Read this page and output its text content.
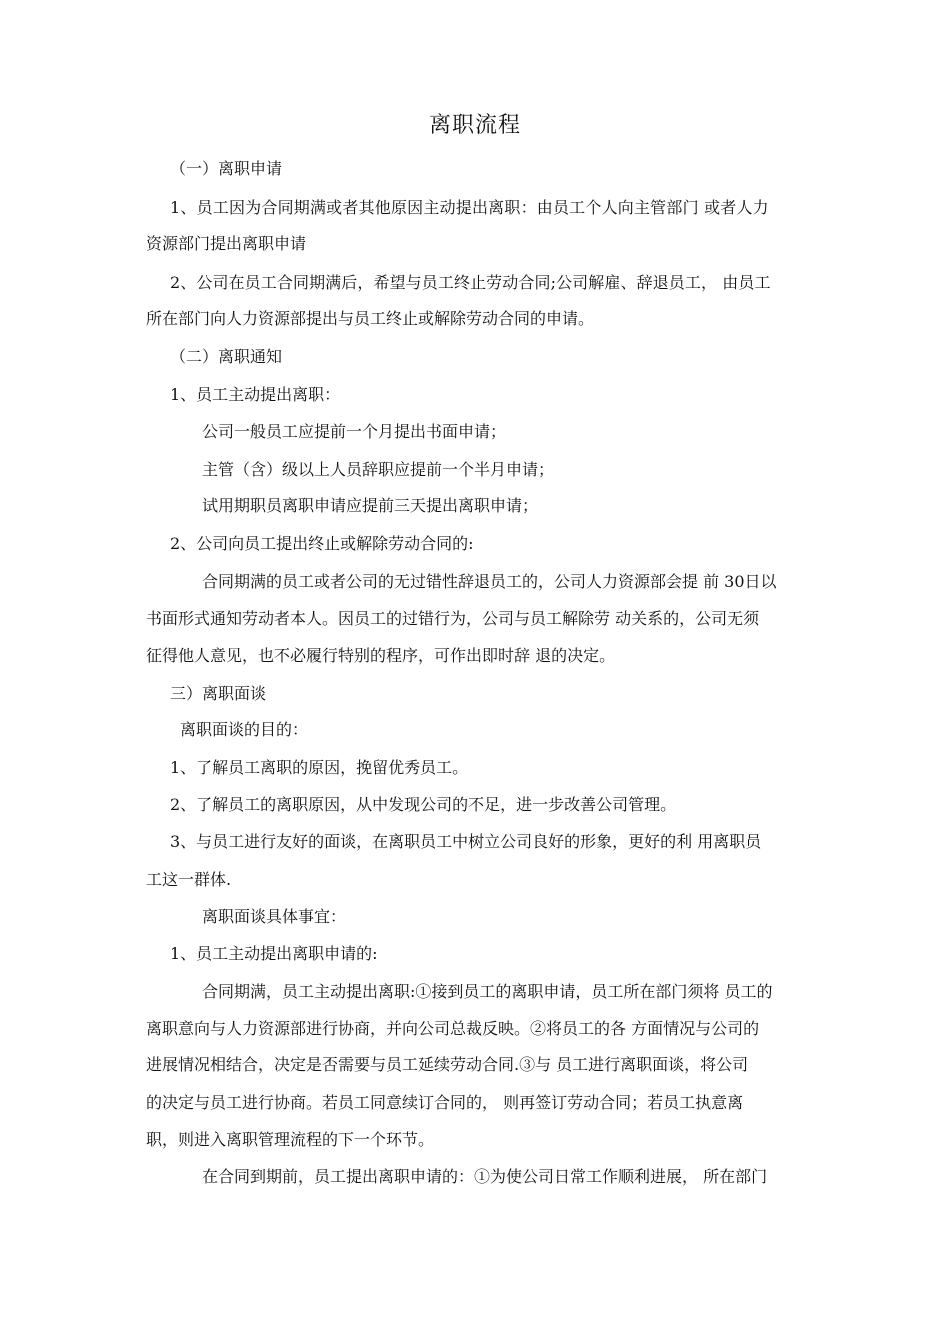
离职流程
（一）离职申请
1、员工因为合同期满或者其他原因主动提出离职：由员工个人向主管部门 或者人力
资源部门提出离职申请
2、公司在员工合同期满后，希望与员工终止劳动合同;公司解雇、辞退员工， 由员工
所在部门向人力资源部提出与员工终止或解除劳动合同的申请。
（二）离职通知
1、员工主动提出离职：
公司一般员工应提前一个月提出书面申请；
主管（含）级以上人员辞职应提前一个半月申请；
试用期职员离职申请应提前三天提出离职申请；
2、公司向员工提出终止或解除劳动合同的:
合同期满的员工或者公司的无过错性辞退员工的，公司人力资源部会提 前 30日以
书面形式通知劳动者本人。因员工的过错行为，公司与员工解除劳 动关系的，公司无须
征得他人意见，也不必履行特别的程序，可作出即时辞 退的决定。
三）离职面谈
离职面谈的目的：
1、了解员工离职的原因，挽留优秀员工。
2、了解员工的离职原因，从中发现公司的不足，进一步改善公司管理。
3、与员工进行友好的面谈，在离职员工中树立公司良好的形象，更好的利 用离职员
工这一群体.
离职面谈具体事宜：
1、员工主动提出离职申请的:
合同期满，员工主动提出离职:①接到员工的离职申请，员工所在部门须将 员工的
离职意向与人力资源部进行协商，并向公司总裁反映。②将员工的各 方面情况与公司的
进展情况相结合，决定是否需要与员工延续劳动合同.③与 员工进行离职面谈，将公司
的决定与员工进行协商。若员工同意续订合同的， 则再签订劳动合同；若员工执意离
职，则进入离职管理流程的下一个环节。
在合同到期前，员工提出离职申请的：①为使公司日常工作顺利进展， 所在部门
